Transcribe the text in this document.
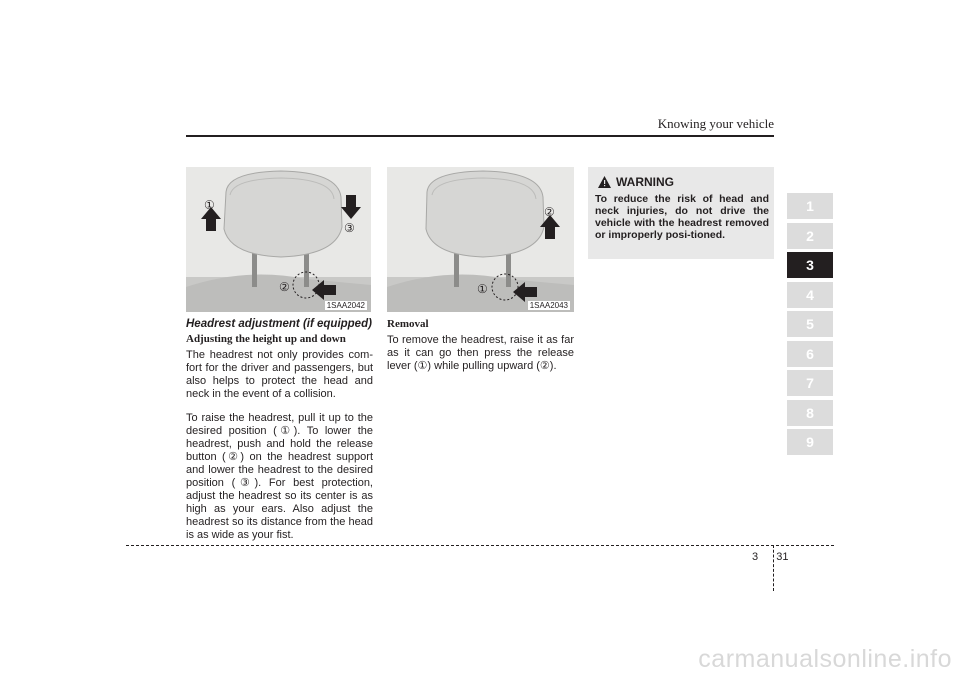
Knowing your vehicle
①
③
②
1SAA2042
②
①
1SAA2043
Headrest adjustment (if equipped)
Adjusting the height up and down

The headrest not only provides com-fort for the driver and passengers, but also helps to protect the head and neck in the event of a collision.

To raise the headrest, pull it up to the desired position (①). To lower the headrest, push and hold the release button (②) on the headrest support and lower the headrest to the desired position (③). For best protection, adjust the headrest so its center is as high as your ears. Also adjust the headrest so its distance from the head is as wide as your fist.

Removal

To remove the headrest, raise it as far as it can go then press the release lever (①) while pulling upward (②).

WARNING
To reduce the risk of head and neck injuries, do not drive the vehicle with the headrest removed or improperly posi-tioned.
1
2
3
4
5
6
7
8
9
3 31
carmanualsonline.info
